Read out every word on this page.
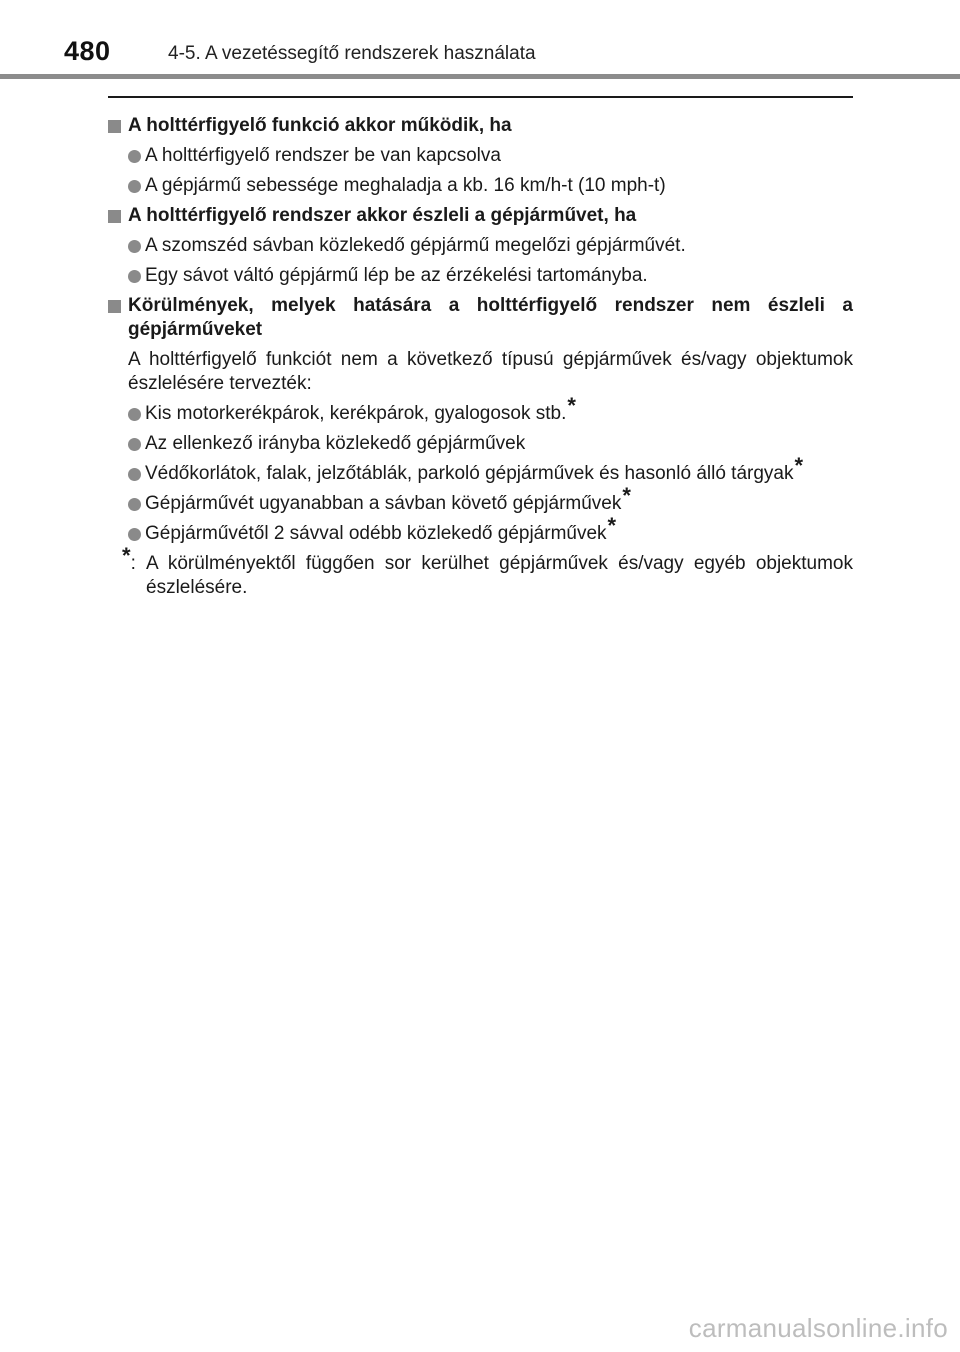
480	4-5. A vezetéssegítő rendszerek használata
A holttérfigyelő funkció akkor működik, ha
A holttérfigyelő rendszer be van kapcsolva
A gépjármű sebessége meghaladja a kb. 16 km/h-t (10 mph-t)
A holttérfigyelő rendszer akkor észleli a gépjárművet, ha
A szomszéd sávban közlekedő gépjármű megelőzi gépjárművét.
Egy sávot váltó gépjármű lép be az érzékelési tartományba.
Körülmények, melyek hatására a holttérfigyelő rendszer nem észleli a gépjárműveket
A holttérfigyelő funkciót nem a következő típusú gépjárművek és/vagy objektumok észlelésére tervezték:
Kis motorkerékpárok, kerékpárok, gyalogosok stb.*
Az ellenkező irányba közlekedő gépjárművek
Védőkorlátok, falak, jelzőtáblák, parkoló gépjárművek és hasonló álló tárgyak*
Gépjárművét ugyanabban a sávban követő gépjárművek*
Gépjárművétől 2 sávval odébb közlekedő gépjárművek*
*: A körülményektől függően sor kerülhet gépjárművek és/vagy egyéb objektumok észlelésére.
carmanualsonline.info
